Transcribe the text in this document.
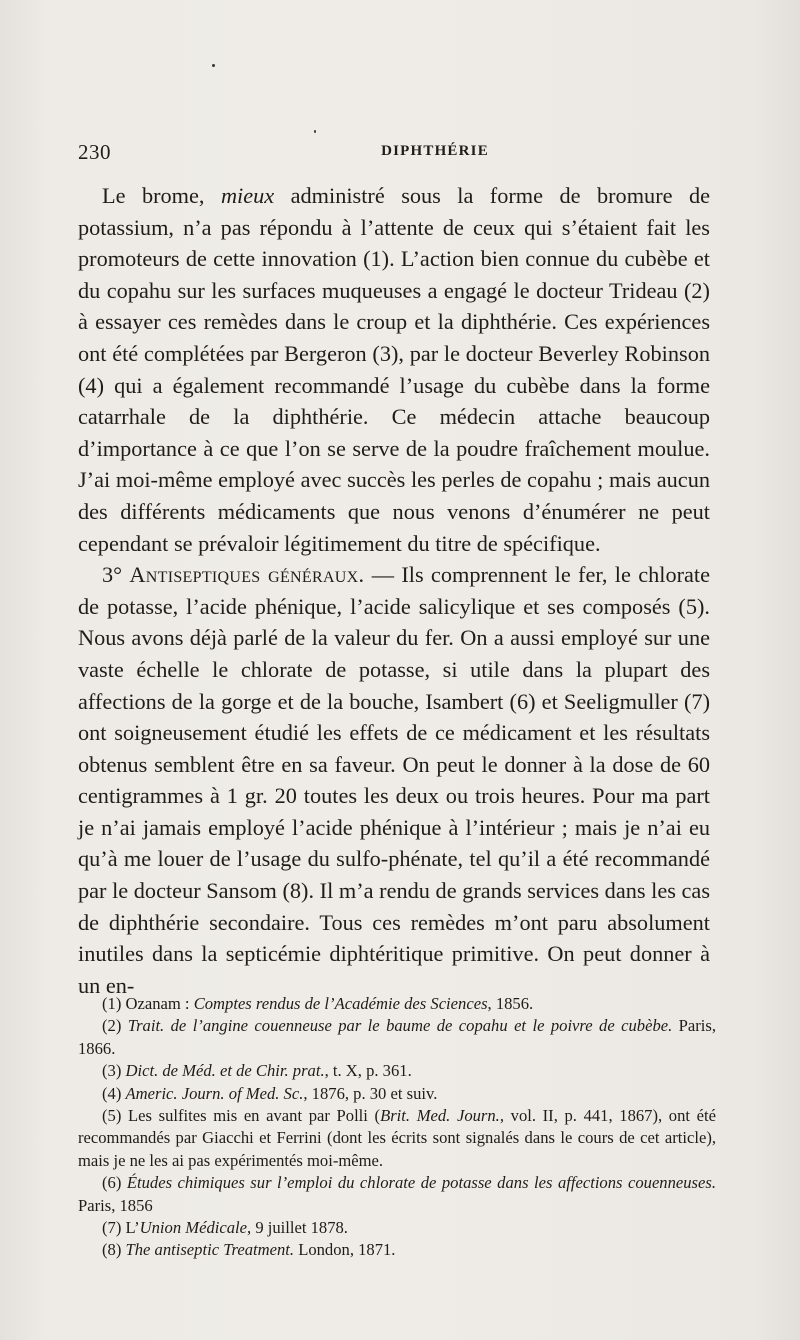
230	DIPHTHÉRIE

Le brome, mieux administré sous la forme de bromure de potassium, n’a pas répondu à l’attente de ceux qui s’étaient fait les promoteurs de cette innovation (1). L’action bien connue du cubèbe et du copahu sur les surfaces muqueuses a engagé le docteur Trideau (2) à essayer ces remèdes dans le croup et la diphthérie. Ces expériences ont été complétées par Bergeron (3), par le docteur Beverley Robinson (4) qui a également recommandé l’usage du cubèbe dans la forme catarrhale de la diphthérie. Ce médecin attache beaucoup d’importance à ce que l’on se serve de la poudre fraîchement moulue. J’ai moi-même employé avec succès les perles de copahu ; mais aucun des différents médicaments que nous venons d’énumérer ne peut cependant se prévaloir légitimement du titre de spécifique.

3° Antiseptiques généraux. — Ils comprennent le fer, le chlorate de potasse, l’acide phénique, l’acide salicylique et ses composés (5). Nous avons déjà parlé de la valeur du fer. On a aussi employé sur une vaste échelle le chlorate de potasse, si utile dans la plupart des affections de la gorge et de la bouche, Isambert (6) et Seeligmuller (7) ont soigneusement étudié les effets de ce médicament et les résultats obtenus semblent être en sa faveur. On peut le donner à la dose de 60 centigrammes à 1 gr. 20 toutes les deux ou trois heures. Pour ma part je n’ai jamais employé l’acide phénique à l’intérieur ; mais je n’ai eu qu’à me louer de l’usage du sulfo-phénate, tel qu’il a été recommandé par le docteur Sansom (8). Il m’a rendu de grands services dans les cas de diphthérie secondaire. Tous ces remèdes m’ont paru absolument inutiles dans la septicémie diphtéritique primitive. On peut donner à un en-

(1) Ozanam : Comptes rendus de l’Académie des Sciences, 1856.

(2) Trait. de l’angine couenneuse par le baume de copahu et le poivre de cubèbe. Paris, 1866.

(3) Dict. de Méd. et de Chir. prat., t. X, p. 361.

(4) Americ. Journ. of Med. Sc., 1876, p. 30 et suiv.

(5) Les sulfites mis en avant par Polli (Brit. Med. Journ., vol. II, p. 441, 1867), ont été recommandés par Giacchi et Ferrini (dont les écrits sont signalés dans le cours de cet article), mais je ne les ai pas expérimentés moi-même.

(6) Études chimiques sur l’emploi du chlorate de potasse dans les affections couenneuses. Paris, 1856

(7) L’Union Médicale, 9 juillet 1878.

(8) The antiseptic Treatment. London, 1871.
